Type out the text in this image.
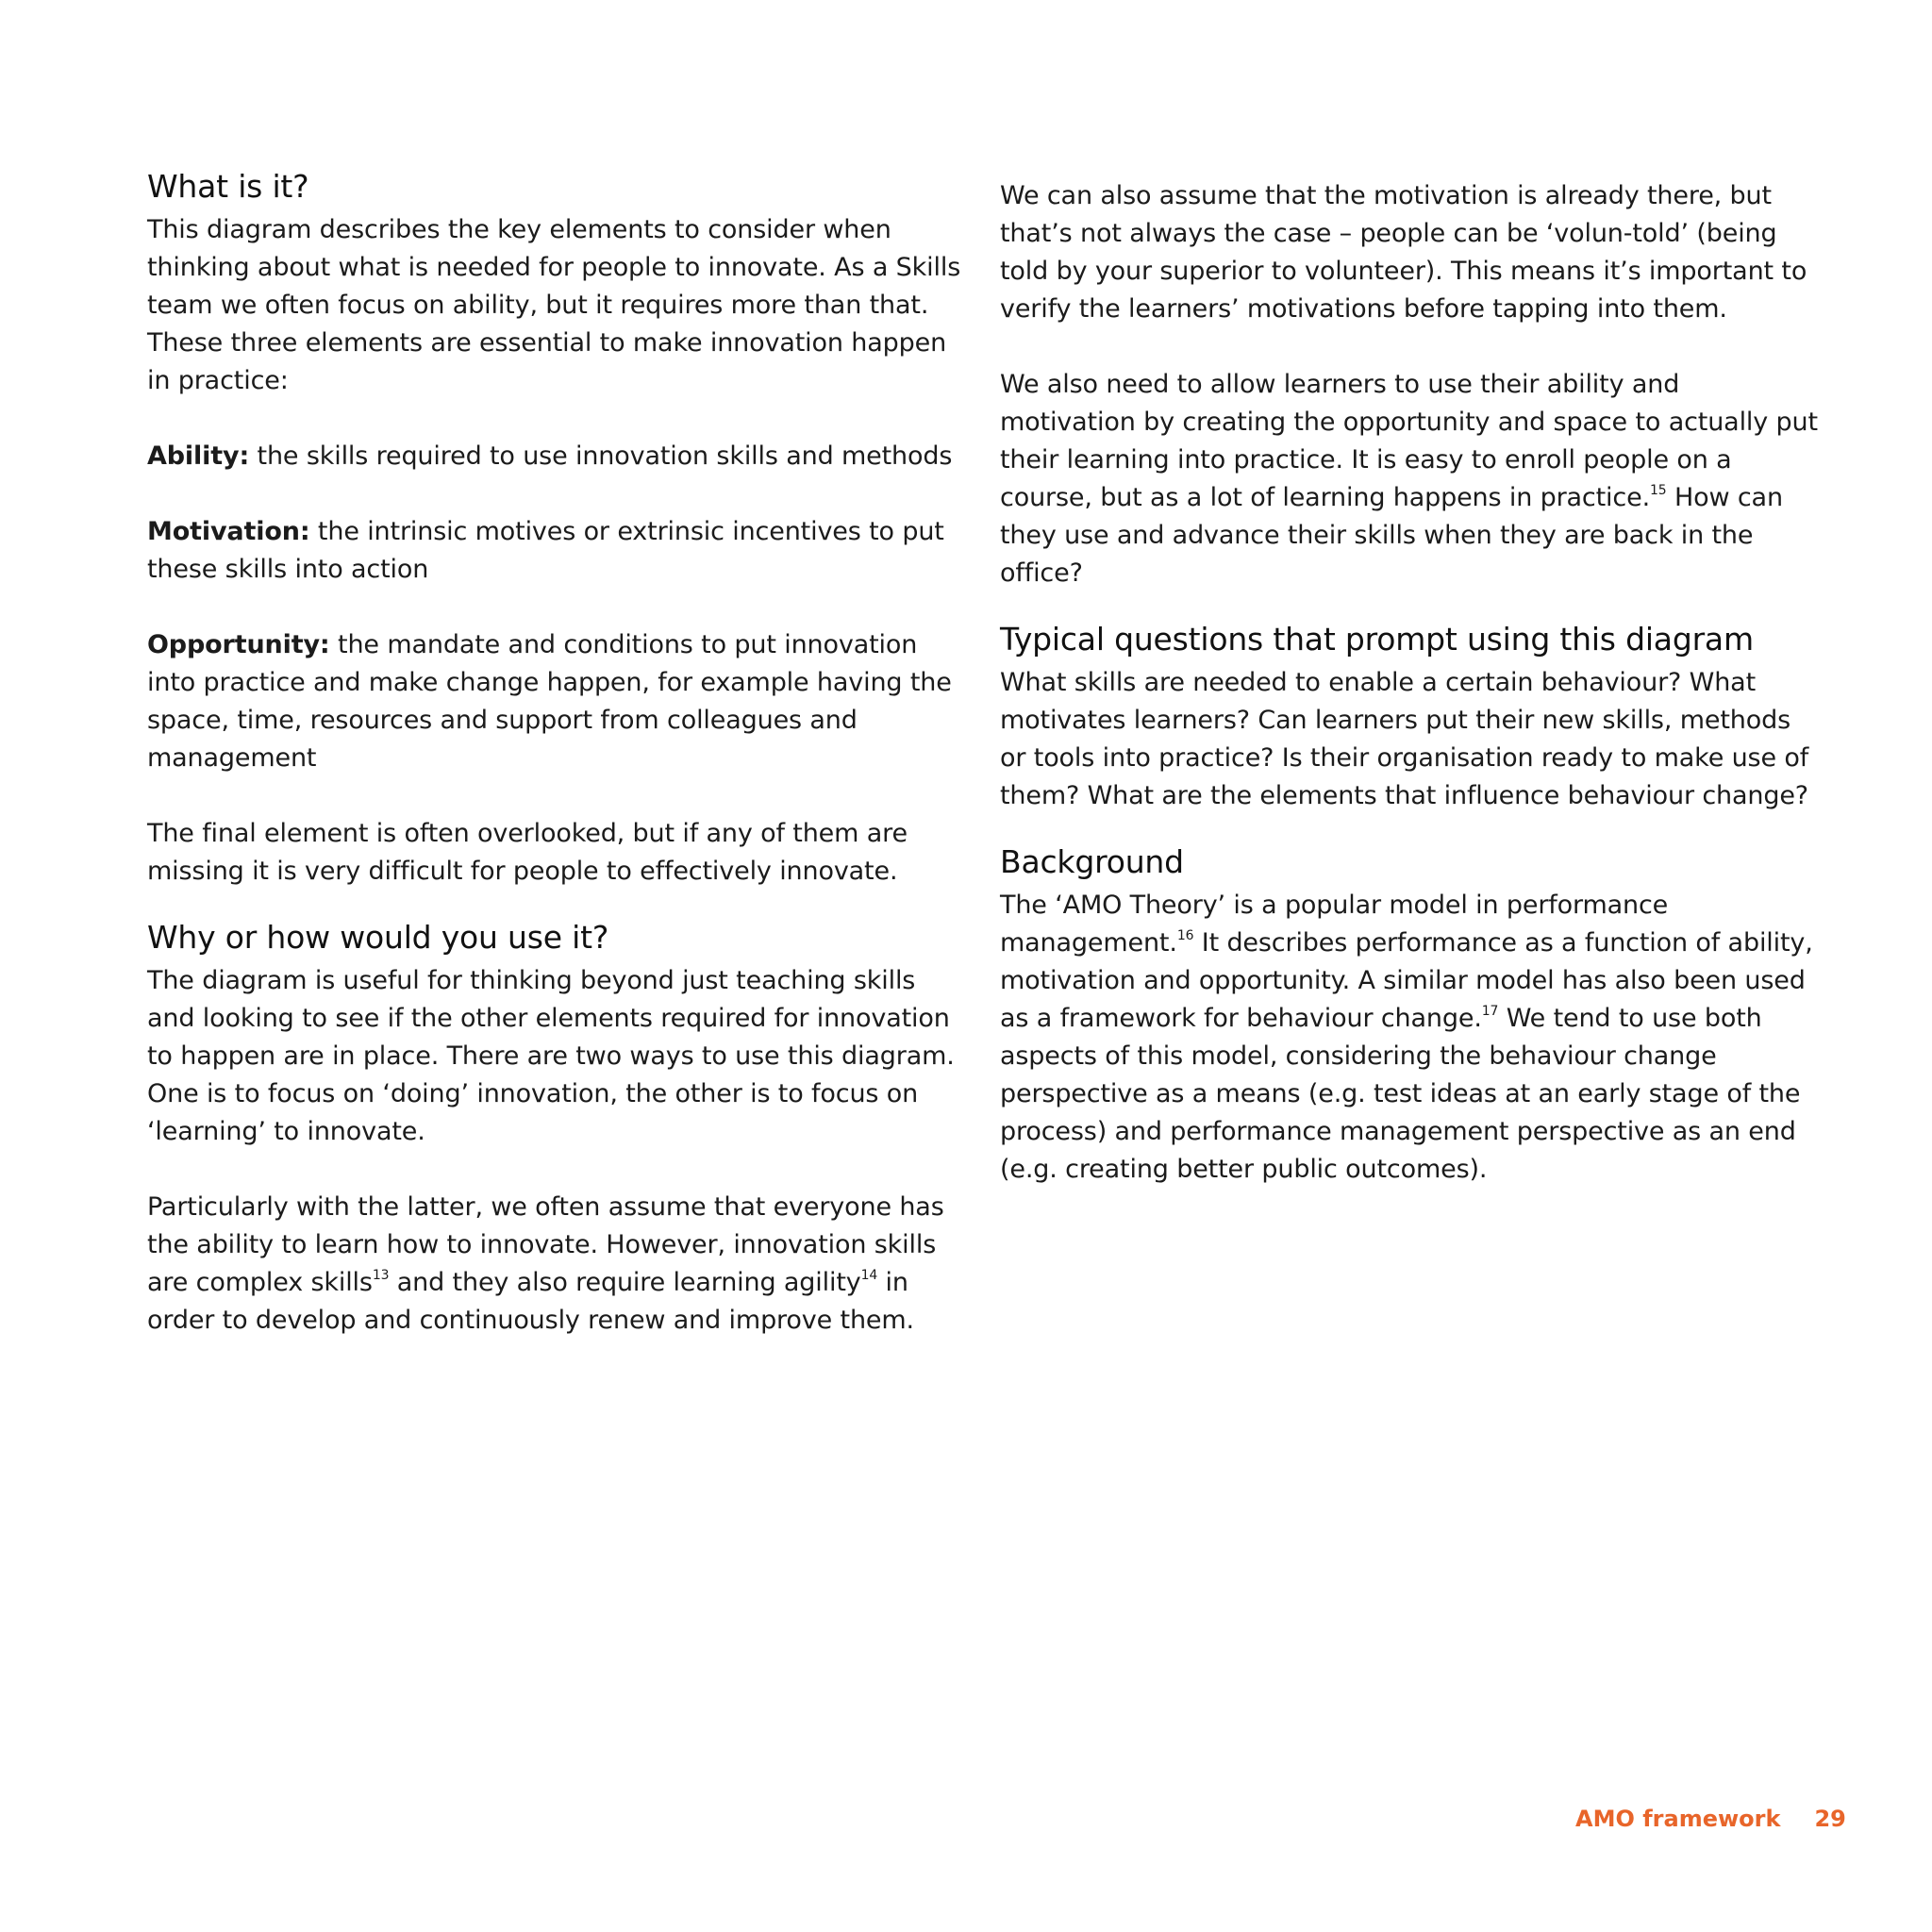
What is it?

This diagram describes the key elements to consider when thinking about what is needed for people to innovate. As a Skills team we often focus on ability, but it requires more than that. These three elements are essential to make innovation happen in practice:

Ability: the skills required to use innovation skills and methods

Motivation: the intrinsic motives or extrinsic incentives to put these skills into action

Opportunity: the mandate and conditions to put innovation into practice and make change happen, for example having the space, time, resources and support from colleagues and management

The final element is often overlooked, but if any of them are missing it is very difficult for people to effectively innovate.

Why or how would you use it?

The diagram is useful for thinking beyond just teaching skills and looking to see if the other elements required for innovation to happen are in place. There are two ways to use this diagram. One is to focus on ‘doing’ innovation, the other is to focus on ‘learning’ to innovate.

Particularly with the latter, we often assume that everyone has the ability to learn how to innovate. However, innovation skills are complex skills$^{13}$ and they also require learning agility$^{14}$ in order to develop and continuously renew and improve them.

We can also assume that the motivation is already there, but that’s not always the case – people can be ‘volun-told’ (being told by your superior to volunteer). This means it’s important to verify the learners’ motivations before tapping into them.

We also need to allow learners to use their ability and motivation by creating the opportunity and space to actually put their learning into practice. It is easy to enroll people on a course, but as a lot of learning happens in practice.$^{15}$ How can they use and advance their skills when they are back in the office?

Typical questions that prompt using this diagram

What skills are needed to enable a certain behaviour? What motivates learners? Can learners put their new skills, methods or tools into practice? Is their organisation ready to make use of them? What are the elements that influence behaviour change?

Background

The ‘AMO Theory’ is a popular model in performance management.$^{16}$ It describes performance as a function of ability, motivation and opportunity. A similar model has also been used as a framework for behaviour change.$^{17}$ We tend to use both aspects of this model, considering the behaviour change perspective as a means (e.g. test ideas at an early stage of the process) and performance management perspective as an end (e.g. creating better public outcomes).

AMO framework 29
